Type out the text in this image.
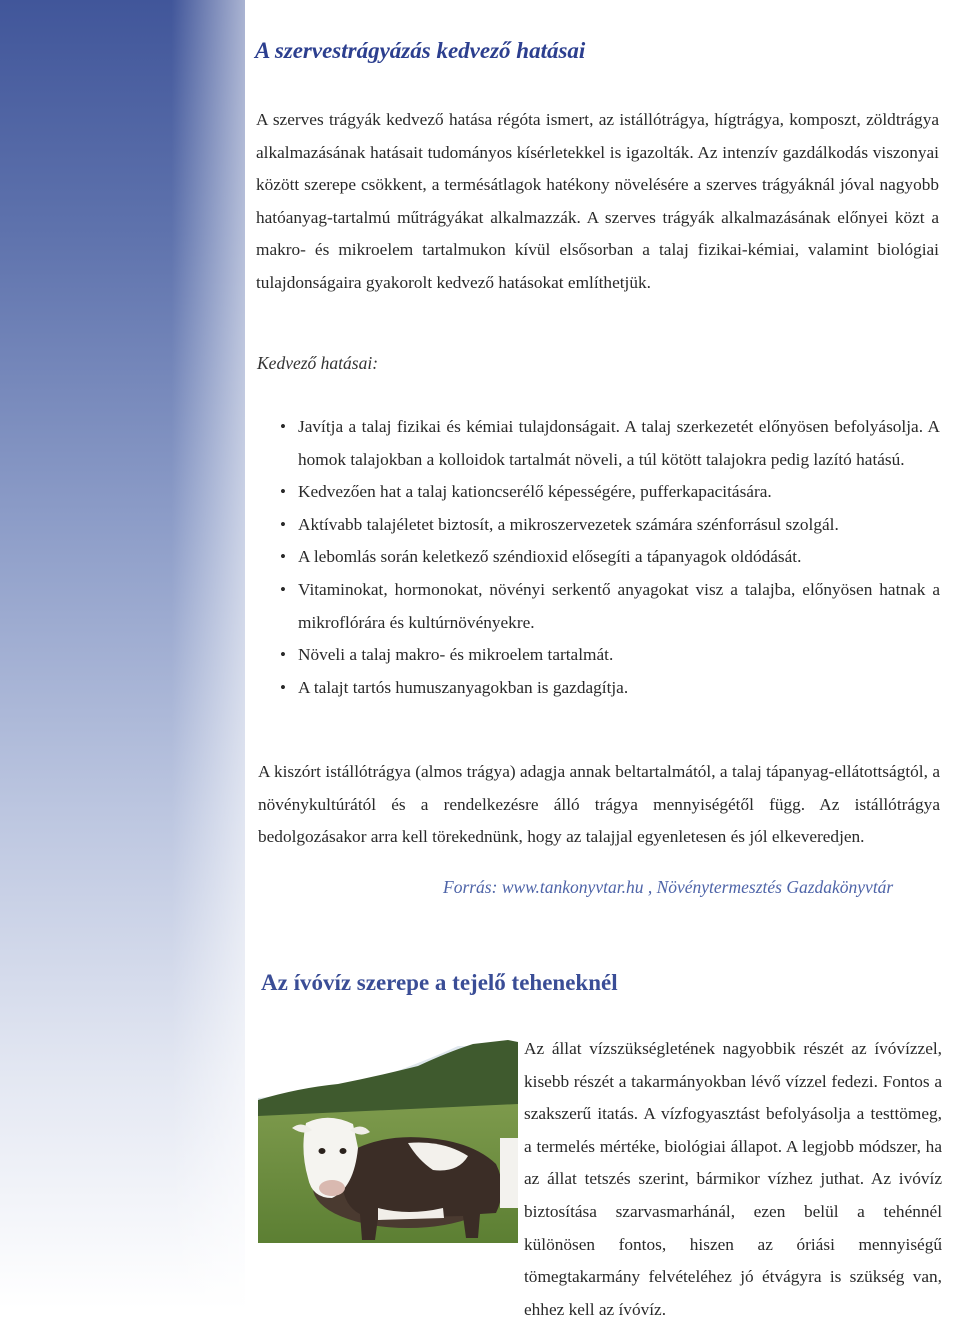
A szervestrágyázás kedvező hatásai

A szerves trágyák kedvező hatása régóta ismert, az istállótrágya, hígtrágya, komposzt, zöldtrágya alkalmazásának hatásait tudományos kísérletekkel is igazolták. Az intenzív gazdálkodás viszonyai között szerepe csökkent, a termésátlagok hatékony növelésére a szerves trágyáknál jóval nagyobb hatóanyag-tartalmú műtrágyákat alkalmazzák. A szerves trágyák alkalmazásának előnyei közt a makro- és mikroelem tartalmukon kívül elsősorban a talaj fizikai-kémiai, valamint biológiai tulajdonságaira gyakorolt kedvező hatásokat említhetjük.

Kedvező hatásai:

• Javítja a talaj fizikai és kémiai tulajdonságait. A talaj szerkezetét előnyösen befolyásolja. A homok talajokban a kolloidok tartalmát növeli, a túl kötött talajokra pedig lazító hatású.
• Kedvezően hat a talaj kationcserélő képességére, pufferkapacitására.
• Aktívabb talajéletet biztosít, a mikroszervezetek számára szénforrásul szolgál.
• A lebomlás során keletkező széndioxid elősegíti a tápanyagok oldódását.
• Vitaminokat, hormonokat, növényi serkentő anyagokat visz a talajba, előnyösen hatnak a mikroflórára és kultúrnövényekre.
• Növeli a talaj makro- és mikroelem tartalmát.
• A talajt tartós humuszanyagokban is gazdagítja.

A kiszórt istállótrágya (almos trágya) adagja annak beltartalmától, a talaj tápanyag-ellátottságtól, a növénykultúrától és a rendelkezésre álló trágya mennyiségétől függ. Az istállótrágya bedolgozásakor arra kell törekednünk, hogy az talajjal egyenletesen és jól elkeveredjen.

Forrás: www.tankonyvtar.hu , Növénytermesztés Gazdakönyvtár

Az ívóvíz szerepe a tejelő teheneknél

Az állat vízszükségletének nagyobbik részét az ívóvízzel, kisebb részét a takarmányokban lévő vízzel fedezi. Fontos a szakszerű itatás. A vízfogyasztást befolyásolja a testtömeg, a termelés mértéke, biológiai állapot. A legjobb módszer, ha az állat tetszés szerint, bármikor vízhez juthat. Az ivóvíz biztosítása szarvasmarhánál, ezen belül a tehénnél különösen fontos, hiszen az óriási mennyiségű tömegtakarmány felvételéhez jó étvágyra is szükség van, ehhez kell az ívóvíz.
